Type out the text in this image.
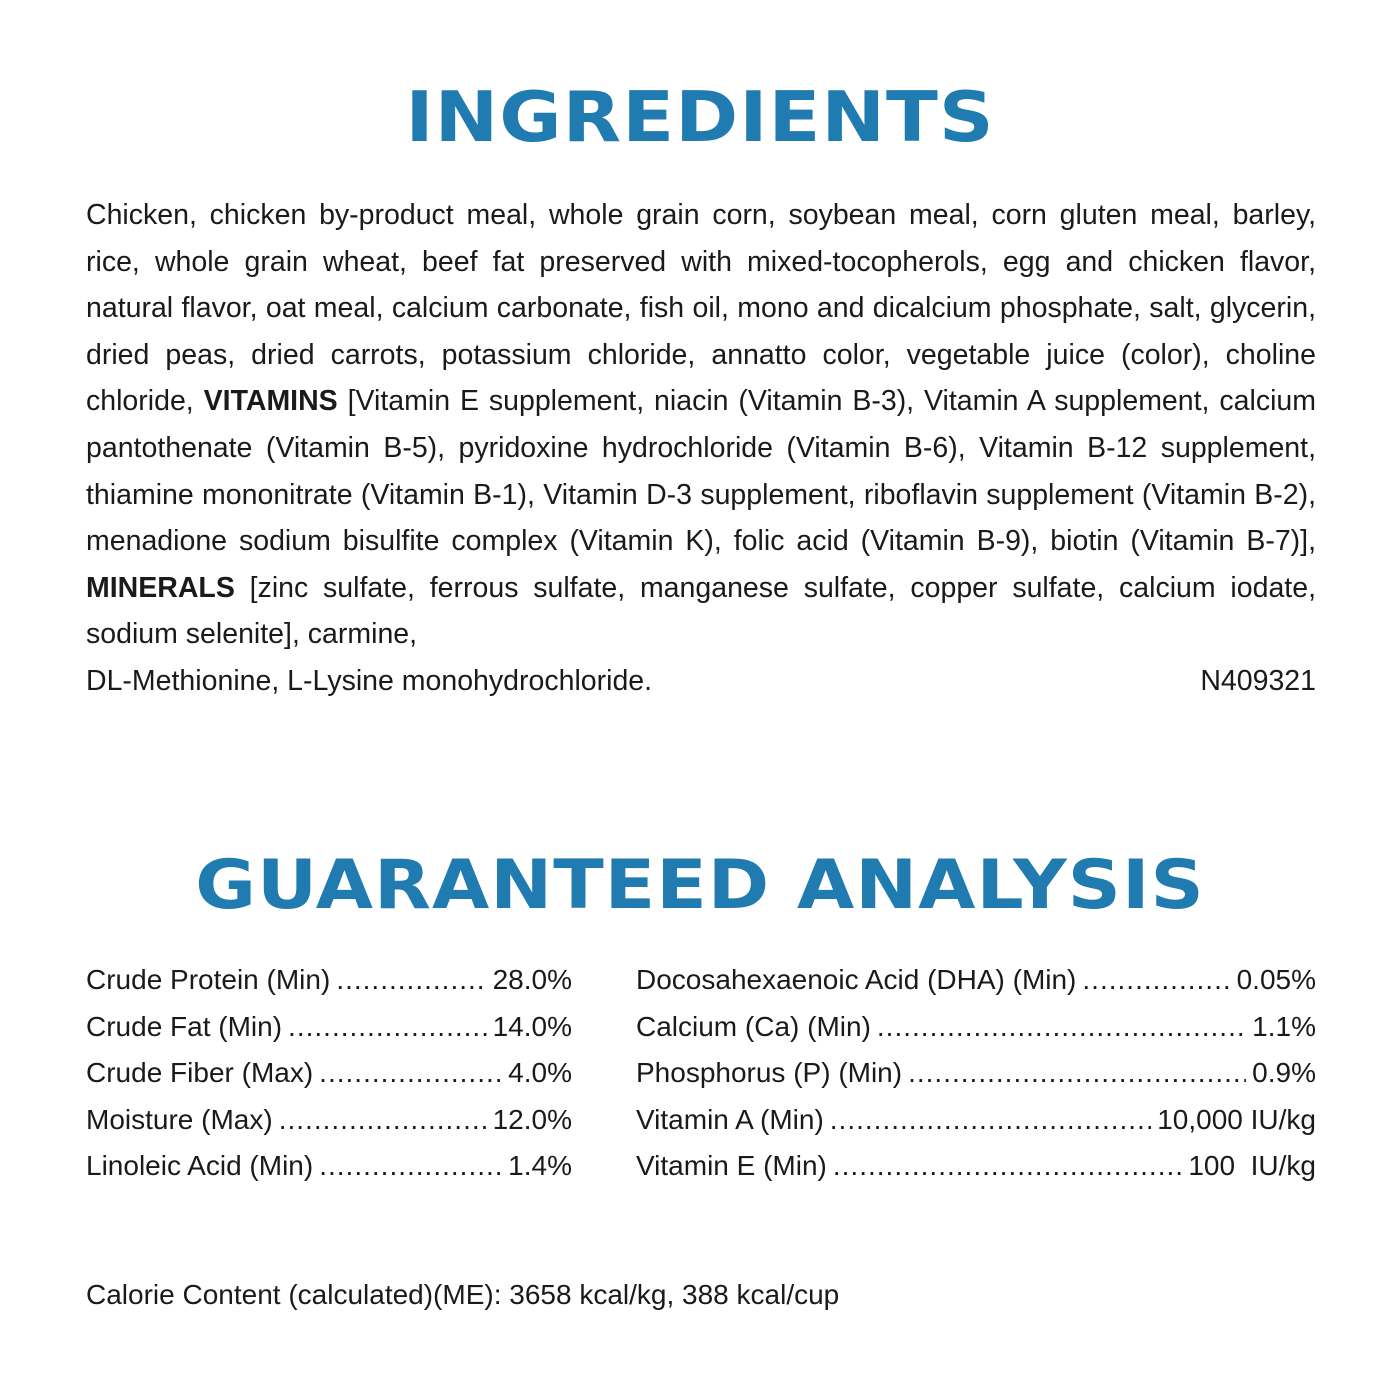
INGREDIENTS
Chicken, chicken by-product meal, whole grain corn, soybean meal, corn gluten meal, barley, rice, whole grain wheat, beef fat preserved with mixed-tocopherols, egg and chicken flavor, natural flavor, oat meal, calcium carbonate, fish oil, mono and dicalcium phosphate, salt, glycerin, dried peas, dried carrots, potassium chloride, annatto color, vegetable juice (color), choline chloride, VITAMINS [Vitamin E supplement, niacin (Vitamin B-3), Vitamin A supplement, calcium pantothenate (Vitamin B-5), pyridoxine hydrochloride (Vitamin B-6), Vitamin B-12 supplement, thiamine mononitrate (Vitamin B-1), Vitamin D-3 supplement, riboflavin supplement (Vitamin B-2), menadione sodium bisulfite complex (Vitamin K), folic acid (Vitamin B-9), biotin (Vitamin B-7)], MINERALS [zinc sulfate, ferrous sulfate, manganese sulfate, copper sulfate, calcium iodate, sodium selenite], carmine,
DL-Methionine, L-Lysine monohydrochloride.	N409321
GUARANTEED ANALYSIS
Crude Protein (Min) .....	28.0%
Crude Fat (Min) .....	14.0%
Crude Fiber (Max) .....	4.0%
Moisture (Max) .....	12.0%
Linoleic Acid (Min) .....	1.4%
Docosahexaenoic Acid (DHA) (Min) .....	0.05%
Calcium (Ca) (Min) .....	1.1%
Phosphorus (P) (Min) .....	0.9%
Vitamin A (Min) .....	10,000 IU/kg
Vitamin E (Min) .....	100  IU/kg
Calorie Content (calculated)(ME): 3658 kcal/kg, 388 kcal/cup
